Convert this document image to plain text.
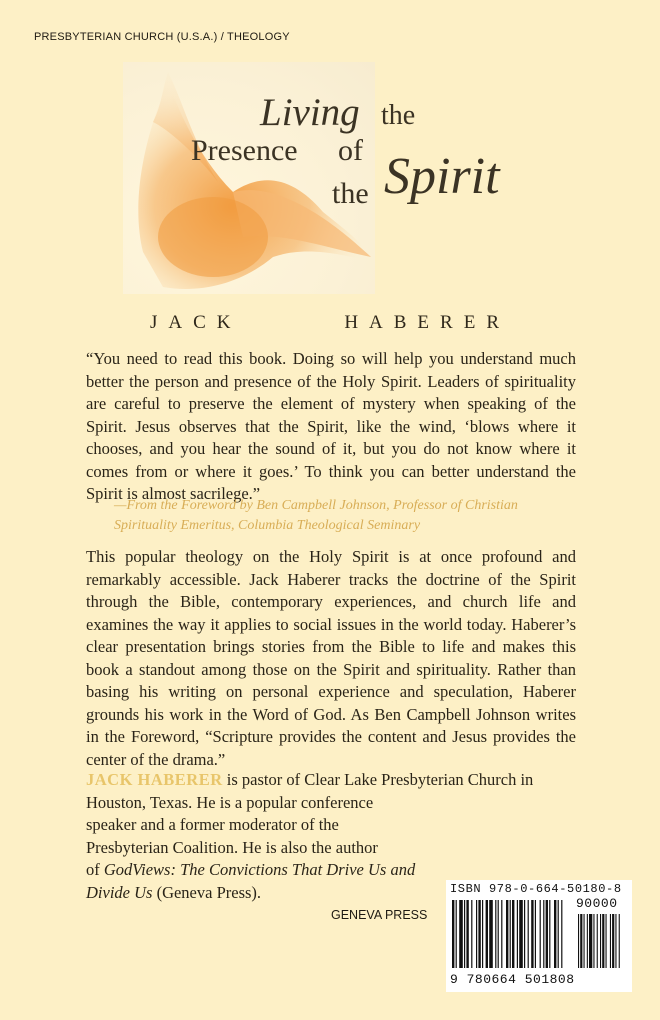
PRESBYTERIAN CHURCH (U.S.A.) / THEOLOGY
Living the
Presence of
the Spirit
JACK	HABERER

“You need to read this book. Doing so will help you understand much better the person and presence of the Holy Spirit. Leaders of spirituality are careful to preserve the element of mystery when speaking of the Spirit. Jesus observes that the Spirit, like the wind, ‘blows where it chooses, and you hear the sound of it, but you do not know where it comes from or where it goes.’ To think you can better understand the Spirit is almost sacrilege.”

—From the Foreword by Ben Campbell Johnson, Professor of Christian Spirituality Emeritus, Columbia Theological Seminary

This popular theology on the Holy Spirit is at once profound and remarkably accessible. Jack Haberer tracks the doctrine of the Spirit through the Bible, contemporary experiences, and church life and examines the way it applies to social issues in the world today. Haberer’s clear presentation brings stories from the Bible to life and makes this book a standout among those on the Spirit and spirituality. Rather than basing his writing on personal experience and speculation, Haberer grounds his work in the Word of God. As Ben Campbell Johnson writes in the Foreword, “Scripture provides the content and Jesus provides the center of the drama.”

JACK HABERER is pastor of Clear Lake Presbyterian Church in
Houston, Texas. He is a popular conference
speaker and a former moderator of the
Presbyterian Coalition. He is also the author
of GodViews: The Convictions That Drive Us and
Divide Us (Geneva Press).
GENEVA PRESS
ISBN 978-0-664-50180-8
90000
9 780664 501808
